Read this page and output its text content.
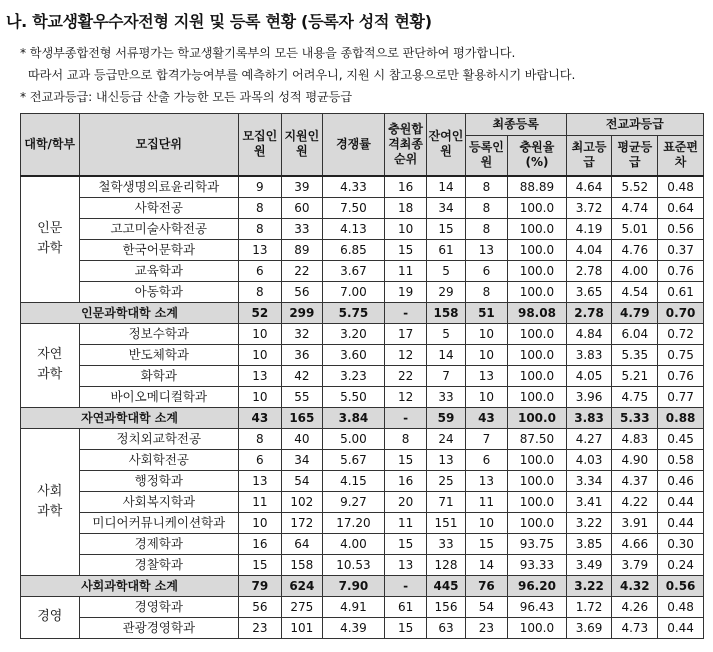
나. 학교생활우수자전형 지원 및 등록 현황 (등록자 성적 현황)
* 학생부종합전형 서류평가는 학교생활기록부의 모든 내용을 종합적으로 판단하여 평가합니다.
따라서 교과 등급만으로 합격가능여부를 예측하기 어려우니, 지원 시 참고용으로만 활용하시기 바랍니다.
* 전교과등급: 내신등급 산출 가능한 모든 과목의 성적 평균등급
대학/학부	모집단위	모집인원	지원인원	경쟁률	충원합격최종순위	잔여인원	최종등록		전교과등급		
							등록인원	충원율(%)	최고등급	평균등급	표준편차
인문과학	철학생명의료윤리학과	9	39	4.33	16	14	8	88.89	4.64	5.52	0.48
	사학전공	8	60	7.50	18	34	8	100.0	3.72	4.74	0.64
	고고미술사학전공	8	33	4.13	10	15	8	100.0	4.19	5.01	0.56
	한국어문학과	13	89	6.85	15	61	13	100.0	4.04	4.76	0.37
	교육학과	6	22	3.67	11	5	6	100.0	2.78	4.00	0.76
	아동학과	8	56	7.00	19	29	8	100.0	3.65	4.54	0.61
인문과학대학 소계		52	299	5.75	-	158	51	98.08	2.78	4.79	0.70
자연과학	정보수학과	10	32	3.20	17	5	10	100.0	4.84	6.04	0.72
	반도체학과	10	36	3.60	12	14	10	100.0	3.83	5.35	0.75
	화학과	13	42	3.23	22	7	13	100.0	4.05	5.21	0.76
	바이오메디컬학과	10	55	5.50	12	33	10	100.0	3.96	4.75	0.77
자연과학대학 소계		43	165	3.84	-	59	43	100.0	3.83	5.33	0.88
사회과학	정치외교학전공	8	40	5.00	8	24	7	87.50	4.27	4.83	0.45
	사회학전공	6	34	5.67	15	13	6	100.0	4.03	4.90	0.58
	행정학과	13	54	4.15	16	25	13	100.0	3.34	4.37	0.46
	사회복지학과	11	102	9.27	20	71	11	100.0	3.41	4.22	0.44
	미디어커뮤니케이션학과	10	172	17.20	11	151	10	100.0	3.22	3.91	0.44
	경제학과	16	64	4.00	15	33	15	93.75	3.85	4.66	0.30
	경찰학과	15	158	10.53	13	128	14	93.33	3.49	3.79	0.24
사회과학대학 소계		79	624	7.90	-	445	76	96.20	3.22	4.32	0.56
경영	경영학과	56	275	4.91	61	156	54	96.43	1.72	4.26	0.48
	관광경영학과	23	101	4.39	15	63	23	100.0	3.69	4.73	0.44
